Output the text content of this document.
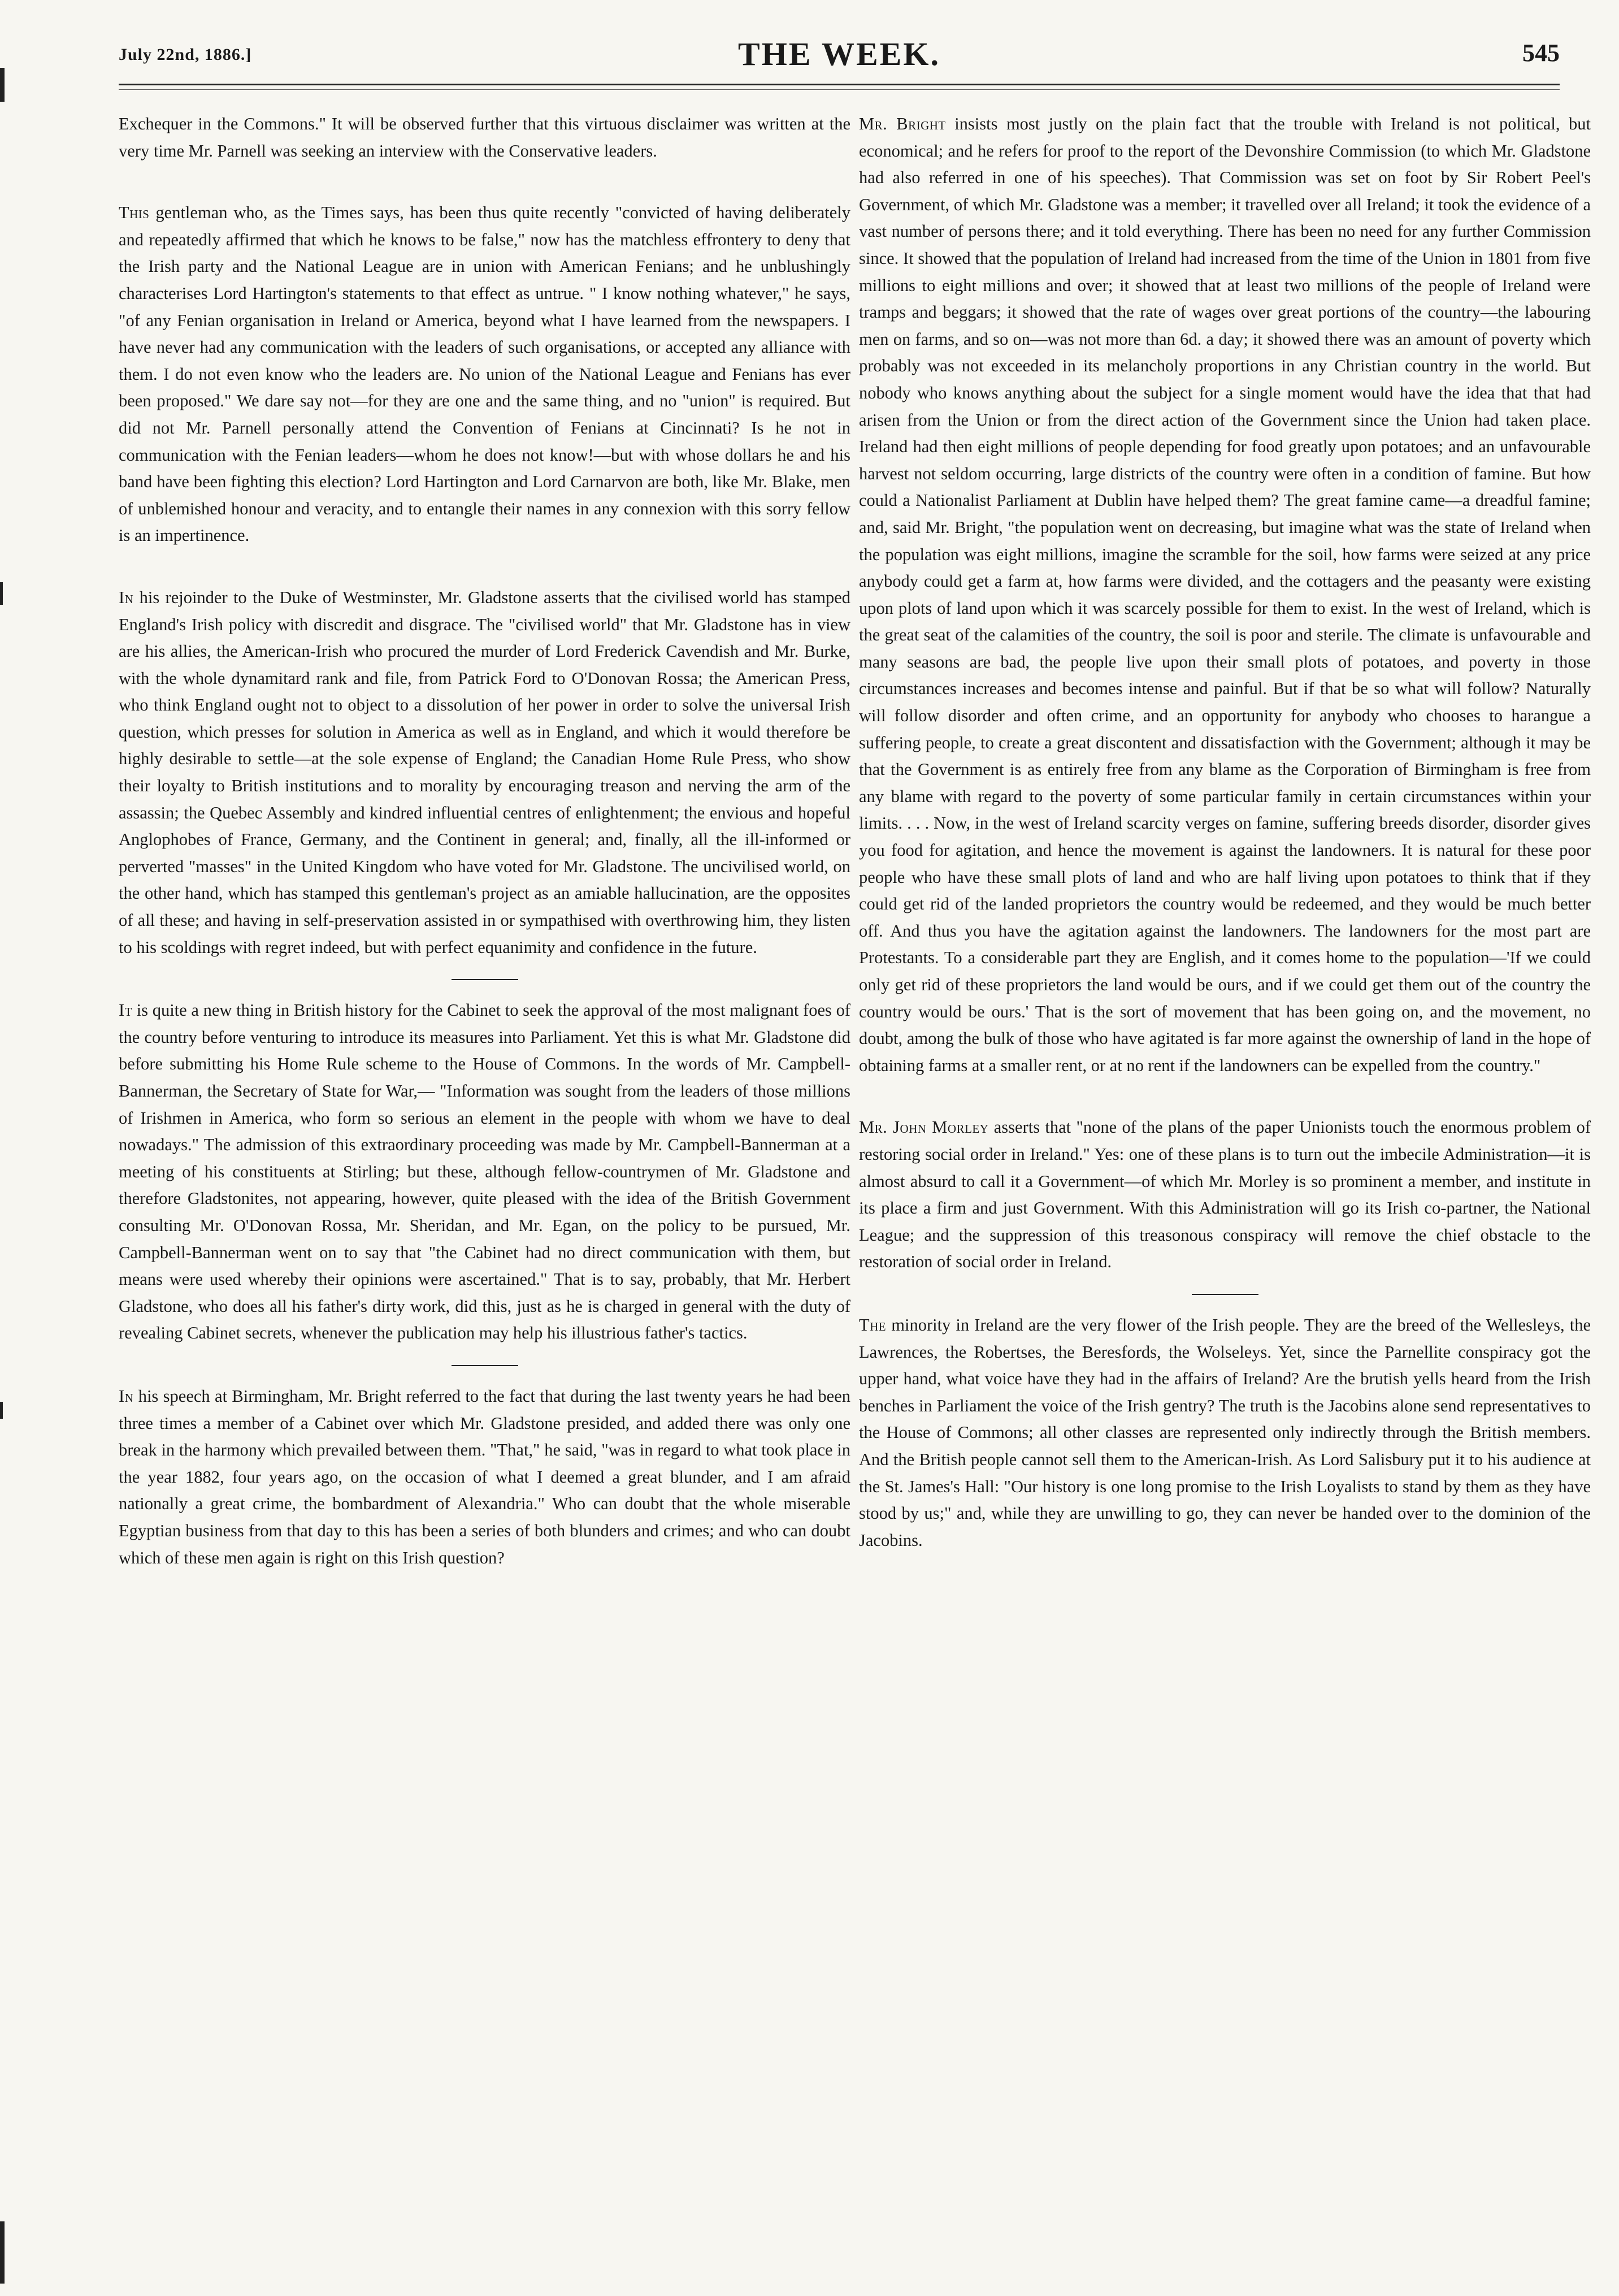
July 22nd, 1886.]	THE WEEK.	545

Exchequer in the Commons." It will be observed further that this virtuous disclaimer was written at the very time Mr. Parnell was seeking an interview with the Conservative leaders.

This gentleman who, as the Times says, has been thus quite recently "convicted of having deliberately and repeatedly affirmed that which he knows to be false," now has the matchless effrontery to deny that the Irish party and the National League are in union with American Fenians; and he unblushingly characterises Lord Hartington's statements to that effect as untrue. " I know nothing whatever," he says, "of any Fenian organisation in Ireland or America, beyond what I have learned from the newspapers. I have never had any communication with the leaders of such organisations, or accepted any alliance with them. I do not even know who the leaders are. No union of the National League and Fenians has ever been proposed." We dare say not—for they are one and the same thing, and no "union" is required. But did not Mr. Parnell personally attend the Convention of Fenians at Cincinnati? Is he not in communication with the Fenian leaders—whom he does not know!—but with whose dollars he and his band have been fighting this election? Lord Hartington and Lord Carnarvon are both, like Mr. Blake, men of unblemished honour and veracity, and to entangle their names in any connexion with this sorry fellow is an impertinence.

In his rejoinder to the Duke of Westminster, Mr. Gladstone asserts that the civilised world has stamped England's Irish policy with discredit and disgrace. The "civilised world" that Mr. Gladstone has in view are his allies, the American-Irish who procured the murder of Lord Frederick Cavendish and Mr. Burke, with the whole dynamitard rank and file, from Patrick Ford to O'Donovan Rossa; the American Press, who think England ought not to object to a dissolution of her power in order to solve the universal Irish question, which presses for solution in America as well as in England, and which it would therefore be highly desirable to settle—at the sole expense of England; the Canadian Home Rule Press, who show their loyalty to British institutions and to morality by encouraging treason and nerving the arm of the assassin; the Quebec Assembly and kindred influential centres of enlightenment; the envious and hopeful Anglophobes of France, Germany, and the Continent in general; and, finally, all the ill-informed or perverted "masses" in the United Kingdom who have voted for Mr. Gladstone. The uncivilised world, on the other hand, which has stamped this gentleman's project as an amiable hallucination, are the opposites of all these; and having in self-preservation assisted in or sympathised with overthrowing him, they listen to his scoldings with regret indeed, but with perfect equanimity and confidence in the future.

It is quite a new thing in British history for the Cabinet to seek the approval of the most malignant foes of the country before venturing to introduce its measures into Parliament. Yet this is what Mr. Gladstone did before submitting his Home Rule scheme to the House of Commons. In the words of Mr. Campbell-Bannerman, the Secretary of State for War,— "Information was sought from the leaders of those millions of Irishmen in America, who form so serious an element in the people with whom we have to deal nowadays." The admission of this extraordinary proceeding was made by Mr. Campbell-Bannerman at a meeting of his constituents at Stirling; but these, although fellow-countrymen of Mr. Gladstone and therefore Gladstonites, not appearing, however, quite pleased with the idea of the British Government consulting Mr. O'Donovan Rossa, Mr. Sheridan, and Mr. Egan, on the policy to be pursued, Mr. Campbell-Bannerman went on to say that "the Cabinet had no direct communication with them, but means were used whereby their opinions were ascertained." That is to say, probably, that Mr. Herbert Gladstone, who does all his father's dirty work, did this, just as he is charged in general with the duty of revealing Cabinet secrets, whenever the publication may help his illustrious father's tactics.

In his speech at Birmingham, Mr. Bright referred to the fact that during the last twenty years he had been three times a member of a Cabinet over which Mr. Gladstone presided, and added there was only one break in the harmony which prevailed between them. "That," he said, "was in regard to what took place in the year 1882, four years ago, on the occasion of what I deemed a great blunder, and I am afraid nationally a great crime, the bombardment of Alexandria." Who can doubt that the whole miserable Egyptian business from that day to this has been a series of both blunders and crimes; and who can doubt which of these men again is right on this Irish question?

Mr. Bright insists most justly on the plain fact that the trouble with Ireland is not political, but economical; and he refers for proof to the report of the Devonshire Commission (to which Mr. Gladstone had also referred in one of his speeches). That Commission was set on foot by Sir Robert Peel's Government, of which Mr. Gladstone was a member; it travelled over all Ireland; it took the evidence of a vast number of persons there; and it told everything. There has been no need for any further Commission since. It showed that the population of Ireland had increased from the time of the Union in 1801 from five millions to eight millions and over; it showed that at least two millions of the people of Ireland were tramps and beggars; it showed that the rate of wages over great portions of the country—the labouring men on farms, and so on—was not more than 6d. a day; it showed there was an amount of poverty which probably was not exceeded in its melancholy proportions in any Christian country in the world. But nobody who knows anything about the subject for a single moment would have the idea that that had arisen from the Union or from the direct action of the Government since the Union had taken place. Ireland had then eight millions of people depending for food greatly upon potatoes; and an unfavourable harvest not seldom occurring, large districts of the country were often in a condition of famine. But how could a Nationalist Parliament at Dublin have helped them? The great famine came—a dreadful famine; and, said Mr. Bright, "the population went on decreasing, but imagine what was the state of Ireland when the population was eight millions, imagine the scramble for the soil, how farms were seized at any price anybody could get a farm at, how farms were divided, and the cottagers and the peasanty were existing upon plots of land upon which it was scarcely possible for them to exist. In the west of Ireland, which is the great seat of the calamities of the country, the soil is poor and sterile. The climate is unfavourable and many seasons are bad, the people live upon their small plots of potatoes, and poverty in those circumstances increases and becomes intense and painful. But if that be so what will follow? Naturally will follow disorder and often crime, and an opportunity for anybody who chooses to harangue a suffering people, to create a great discontent and dissatisfaction with the Government; although it may be that the Government is as entirely free from any blame as the Corporation of Birmingham is free from any blame with regard to the poverty of some particular family in certain circumstances within your limits. . . . Now, in the west of Ireland scarcity verges on famine, suffering breeds disorder, disorder gives you food for agitation, and hence the movement is against the landowners. It is natural for these poor people who have these small plots of land and who are half living upon potatoes to think that if they could get rid of the landed proprietors the country would be redeemed, and they would be much better off. And thus you have the agitation against the landowners. The landowners for the most part are Protestants. To a considerable part they are English, and it comes home to the population—'If we could only get rid of these proprietors the land would be ours, and if we could get them out of the country the country would be ours.' That is the sort of movement that has been going on, and the movement, no doubt, among the bulk of those who have agitated is far more against the ownership of land in the hope of obtaining farms at a smaller rent, or at no rent if the landowners can be expelled from the country."

Mr. John Morley asserts that "none of the plans of the paper Unionists touch the enormous problem of restoring social order in Ireland." Yes: one of these plans is to turn out the imbecile Administration—it is almost absurd to call it a Government—of which Mr. Morley is so prominent a member, and institute in its place a firm and just Government. With this Administration will go its Irish co-partner, the National League; and the suppression of this treasonous conspiracy will remove the chief obstacle to the restoration of social order in Ireland.

The minority in Ireland are the very flower of the Irish people. They are the breed of the Wellesleys, the Lawrences, the Robertses, the Beresfords, the Wolseleys. Yet, since the Parnellite conspiracy got the upper hand, what voice have they had in the affairs of Ireland? Are the brutish yells heard from the Irish benches in Parliament the voice of the Irish gentry? The truth is the Jacobins alone send representatives to the House of Commons; all other classes are represented only indirectly through the British members. And the British people cannot sell them to the American-Irish. As Lord Salisbury put it to his audience at the St. James's Hall: "Our history is one long promise to the Irish Loyalists to stand by them as they have stood by us;" and, while they are unwilling to go, they can never be handed over to the dominion of the Jacobins.
